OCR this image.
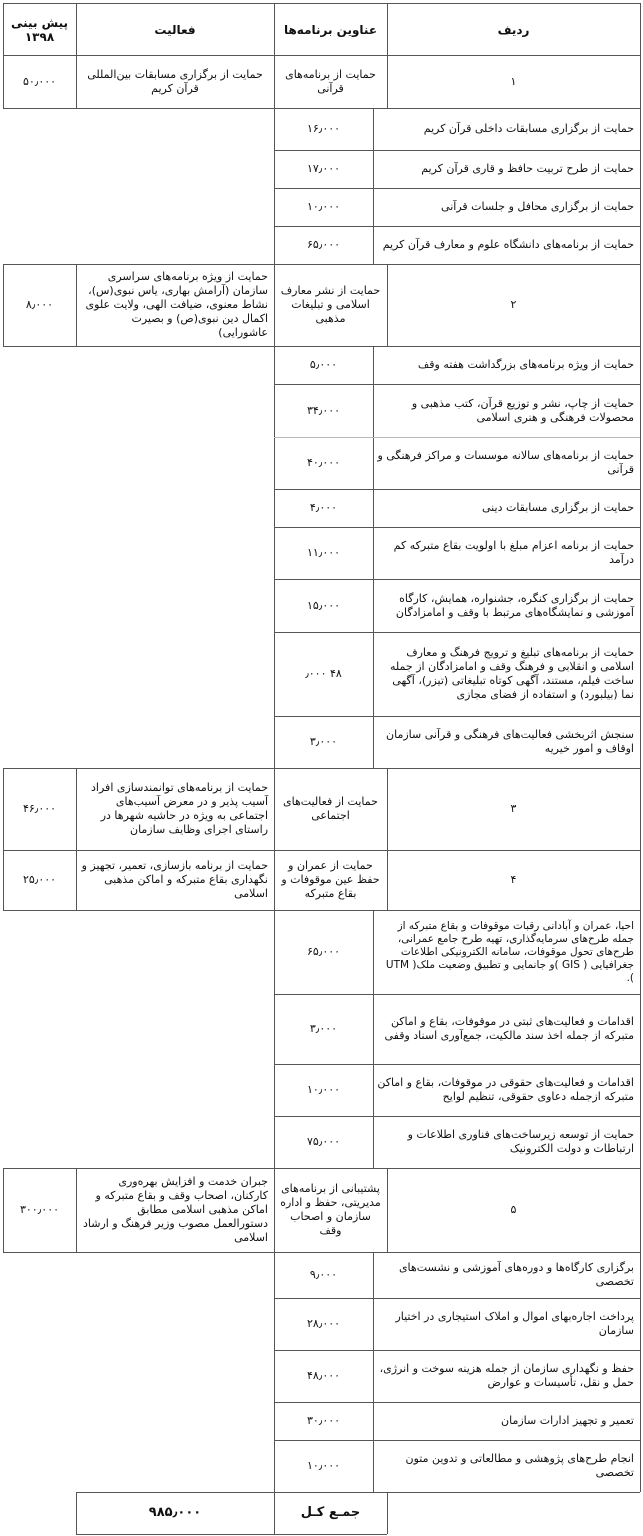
ردیف
عناوین برنامه‌ها
فعالیت
پیش بینی ۱۳۹۸
۱
حمایت از برنامه‌های قرآنی
حمایت از برگزاری مسابقات بین‌المللی قرآن کریم
۵۰٫۰۰۰
حمایت از برگزاری مسابقات داخلی قرآن کریم
۱۶٫۰۰۰
حمایت از طرح تربیت حافظ و قاری قرآن کریم
۱۷٫۰۰۰
حمایت از برگزاری محافل و جلسات قرآنی
۱۰٫۰۰۰
حمایت از برنامه‌های دانشگاه علوم و معارف قرآن کریم
۶۵٫۰۰۰
۲
حمایت از نشر معارف اسلامی و تبلیغات مذهبی
حمایت از ویژه برنامه‌های سراسری سازمان (آرامش بهاری، یاس نبوی(س)، نشاط معنوی، ضیافت الهی، ولایت علوی اکمال دین نبوی(ص) و بصیرت عاشورایی)
۸٫۰۰۰
حمایت از ویژه برنامه‌های بزرگداشت هفته وقف
۵٫۰۰۰
حمایت از چاپ، نشر و توزیع قرآن، کتب مذهبی و محصولات فرهنگی و هنری اسلامی
۳۴٫۰۰۰
حمایت از برنامه‌های سالانه موسسات و مراکز فرهنگی و قرآنی
۴۰٫۰۰۰
حمایت از برگزاری مسابقات دینی
۴٫۰۰۰
حمایت از برنامه اعزام مبلغ با اولویت بقاع متبرکه کم درآمد
۱۱٫۰۰۰
حمایت از برگزاری کنگره، جشنواره، همایش، کارگاه آموزشی و نمایشگاه‌های مرتبط با وقف و امامزادگان
۱۵٫۰۰۰
حمایت از برنامه‌های تبلیغ و ترویج فرهنگ و معارف اسلامی و انقلابی و فرهنگ وقف و امامزادگان از جمله ساخت فیلم، مستند، آگهی کوتاه تبلیغاتی (تیزر)، آگهی نما (بیلبورد) و استفاده از فضای مجازی
۴۸ ٫۰۰۰
سنجش اثربخشی فعالیت‌های فرهنگی و قرآنی سازمان اوقاف و امور خیریه
۳٫۰۰۰
۳
حمایت از فعالیت‌های اجتماعی
حمایت از برنامه‌های توانمندسازی افراد آسیب پذیر و در معرض آسیب‌های اجتماعی به ویژه در حاشیه شهرها در راستای اجرای وظایف سازمان
۴۶٫۰۰۰
۴
حمایت از عمران و حفظ عین موقوفات و بقاع متبرکه
حمایت از برنامه بازسازی، تعمیر، تجهیز و نگهداری بقاع متبرکه و اماکن مذهبی اسلامی
۲۵٫۰۰۰
احیا، عمران و آبادانی رقبات موقوفات و بقاع متبرکه از جمله طرح‌های سرمایه‌گذاری، تهیه طرح جامع عمرانی، طرح‌های تحول موقوفات، سامانه الکترونیکی اطلاعات جغرافیایی ( GIS )و جانمایی و تطبیق وضعیت ملک( UTM ).
۶۵٫۰۰۰
اقدامات و فعالیت‌های ثبتی در موقوفات، بقاع و اماکن متبرکه از جمله اخذ سند مالکیت، جمع‌آوری اسناد وقفی
۳٫۰۰۰
اقدامات و فعالیت‌های حقوقی در موقوفات، بقاع و اماکن متبرکه ازجمله دعاوی حقوقی، تنظیم لوایح
۱۰٫۰۰۰
حمایت از توسعه زیرساخت‌های فناوری اطلاعات و ارتباطات و دولت الکترونیک
۷۵٫۰۰۰
۵
پشتیبانی از برنامه‌های مدیریتی، حفظ و اداره سازمان و اصحاب وقف
جبران خدمت و افزایش بهره‌وری کارکنان، اصحاب وقف و بقاع متبرکه و اماکن مذهبی اسلامی مطابق دستورالعمل مصوب وزیر فرهنگ و ارشاد اسلامی
۳۰۰٫۰۰۰
برگزاری کارگاه‌ها و دوره‌های آموزشی و نشست‌های تخصصی
۹٫۰۰۰
پرداخت اجاره‌بهای اموال و املاک استیجاری در اختیار سازمان
۲۸٫۰۰۰
حفظ و نگهداری سازمان از جمله هزینه سوخت و انرژی، حمل و نقل، تأسیسات و عوارض
۴۸٫۰۰۰
تعمیر و تجهیز ادارات سازمان
۳۰٫۰۰۰
انجام طرح‌های پژوهشی و مطالعاتی و تدوین متون تخصصی
۱۰٫۰۰۰
جمـع کـل
۹۸۵٫۰۰۰
